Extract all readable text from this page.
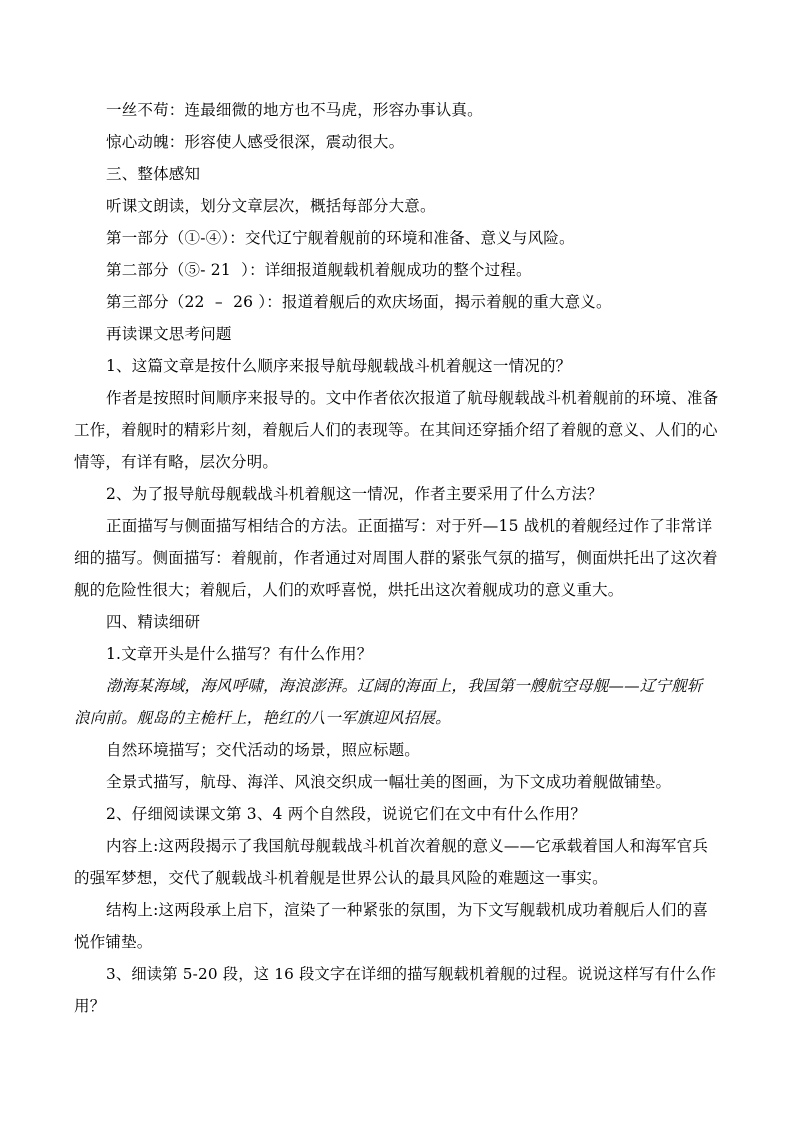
一丝不苟：连最细微的地方也不马虎，形容办事认真。
惊心动魄：形容使人感受很深，震动很大。
三、整体感知
听课文朗读，划分文章层次，概括每部分大意。
第一部分（①-④）：交代辽宁舰着舰前的环境和准备、意义与风险。
第二部分（⑤- 21  ）：详细报道舰载机着舰成功的整个过程。
第三部分（22  –  26 ）：报道着舰后的欢庆场面，揭示着舰的重大意义。
再读课文思考问题
1、这篇文章是按什么顺序来报导航母舰载战斗机着舰这一情况的？
作者是按照时间顺序来报导的。文中作者依次报道了航母舰载战斗机着舰前的环境、准备
工作，着舰时的精彩片刻，着舰后人们的表现等。在其间还穿插介绍了着舰的意义、人们的心
情等，有详有略，层次分明。
2、为了报导航母舰载战斗机着舰这一情况，作者主要采用了什么方法？
正面描写与侧面描写相结合的方法。正面描写：对于歼—15 战机的着舰经过作了非常详
细的描写。侧面描写：着舰前，作者通过对周围人群的紧张气氛的描写，侧面烘托出了这次着
舰的危险性很大；着舰后，人们的欢呼喜悦，烘托出这次着舰成功的意义重大。
四、精读细研
1.文章开头是什么描写？有什么作用？
渤海某海域，海风呼啸，海浪澎湃。辽阔的海面上，我国第一艘航空母舰——辽宁舰斩
浪向前。舰岛的主桅杆上，艳红的八一军旗迎风招展。
自然环境描写；交代活动的场景，照应标题。
全景式描写，航母、海洋、风浪交织成一幅壮美的图画，为下文成功着舰做铺垫。
2、仔细阅读课文第 3、4 两个自然段，说说它们在文中有什么作用？
内容上:这两段揭示了我国航母舰载战斗机首次着舰的意义——它承载着国人和海军官兵
的强军梦想，交代了舰载战斗机着舰是世界公认的最具风险的难题这一事实。
结构上:这两段承上启下，渲染了一种紧张的氛围，为下文写舰载机成功着舰后人们的喜
悦作铺垫。
3、细读第 5-20 段，这 16 段文字在详细的描写舰载机着舰的过程。说说这样写有什么作
用？
